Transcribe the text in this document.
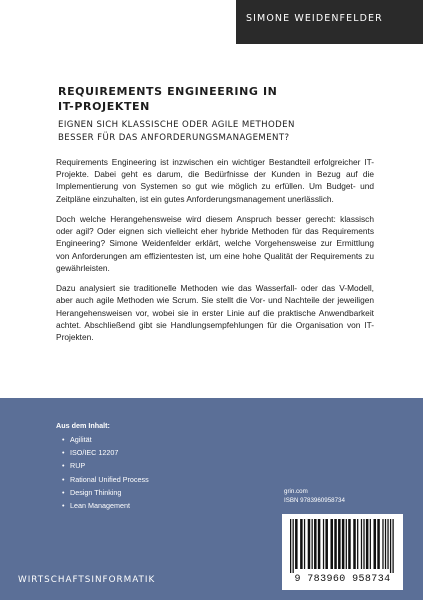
SIMONE WEIDENFELDER
REQUIREMENTS ENGINEERING IN
IT-PROJEKTEN
EIGNEN SICH KLASSISCHE ODER AGILE METHODEN
BESSER FÜR DAS ANFORDERUNGSMANAGEMENT?

Requirements Engineering ist inzwischen ein wichtiger Bestandteil erfolgreicher IT-Projekte. Dabei geht es darum, die Bedürfnisse der Kunden in Bezug auf die Implementierung von Systemen so gut wie möglich zu erfüllen. Um Budget- und Zeitpläne einzuhalten, ist ein gutes Anforderungsmanagement unerlässlich.

Doch welche Herangehensweise wird diesem Anspruch besser gerecht: klassisch oder agil? Oder eignen sich vielleicht eher hybride Methoden für das Requirements Engineering? Simone Weidenfelder erklärt, welche Vorgehensweise zur Ermittlung von Anforderungen am effizientesten ist, um eine hohe Qualität der Requirements zu gewährleisten.

Dazu analysiert sie traditionelle Methoden wie das Wasserfall- oder das V-Modell, aber auch agile Methoden wie Scrum. Sie stellt die Vor- und Nachteile der jeweiligen Herangehensweisen vor, wobei sie in erster Linie auf die praktische Anwendbarkeit achtet. Abschließend gibt sie Handlungsempfehlungen für die Organisation von IT-Projekten.

Aus dem Inhalt:
• Agilität
• ISO/IEC 12207
• RUP
• Rational Unified Process
• Design Thinking
• Lean Management
grin.com
ISBN 9783960958734
9 783960 958734
WIRTSCHAFTSINFORMATIK
